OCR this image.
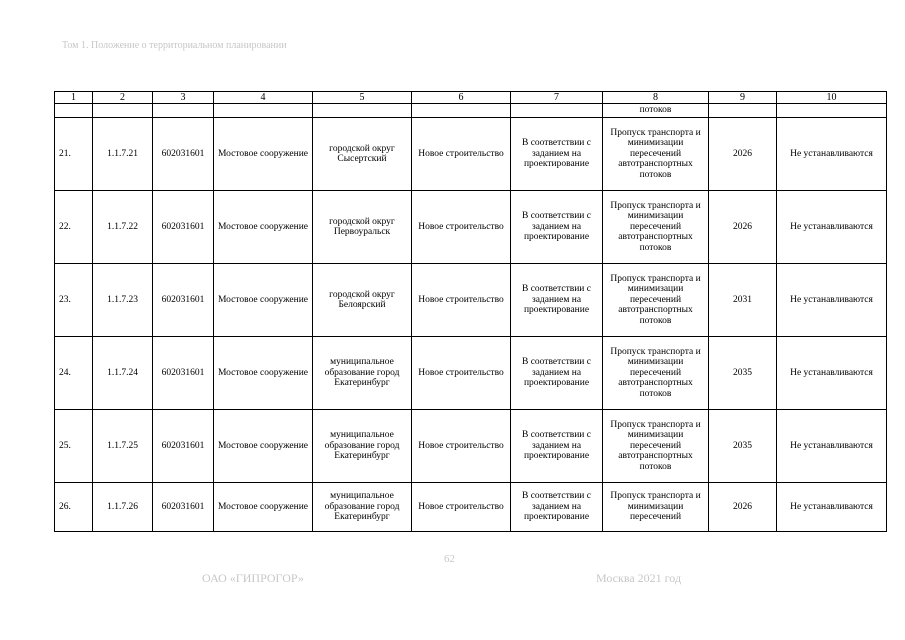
Том 1. Положение о территориальном планировании
1	2	3	4	5	6	7	8	9	10
							потоков		
21.	1.1.7.21	602031601	Мостовое сооружение	городской округ Сысертский	Новое строительство	В соответствии с заданием на проектирование	Пропуск транспорта и минимизации пересечений автотранспортных потоков	2026	Не устанавливаются
22.	1.1.7.22	602031601	Мостовое сооружение	городской округ Первоуральск	Новое строительство	В соответствии с заданием на проектирование	Пропуск транспорта и минимизации пересечений автотранспортных потоков	2026	Не устанавливаются
23.	1.1.7.23	602031601	Мостовое сооружение	городской округ Белоярский	Новое строительство	В соответствии с заданием на проектирование	Пропуск транспорта и минимизации пересечений автотранспортных потоков	2031	Не устанавливаются
24.	1.1.7.24	602031601	Мостовое сооружение	муниципальное образование город Екатеринбург	Новое строительство	В соответствии с заданием на проектирование	Пропуск транспорта и минимизации пересечений автотранспортных потоков	2035	Не устанавливаются
25.	1.1.7.25	602031601	Мостовое сооружение	муниципальное образование город Екатеринбург	Новое строительство	В соответствии с заданием на проектирование	Пропуск транспорта и минимизации пересечений автотранспортных потоков	2035	Не устанавливаются
26.	1.1.7.26	602031601	Мостовое сооружение	муниципальное образование город Екатеринбург	Новое строительство	В соответствии с заданием на проектирование	Пропуск транспорта и минимизации пересечений	2026	Не устанавливаются
62
ОАО «ГИПРОГОР»	Москва 2021 год
